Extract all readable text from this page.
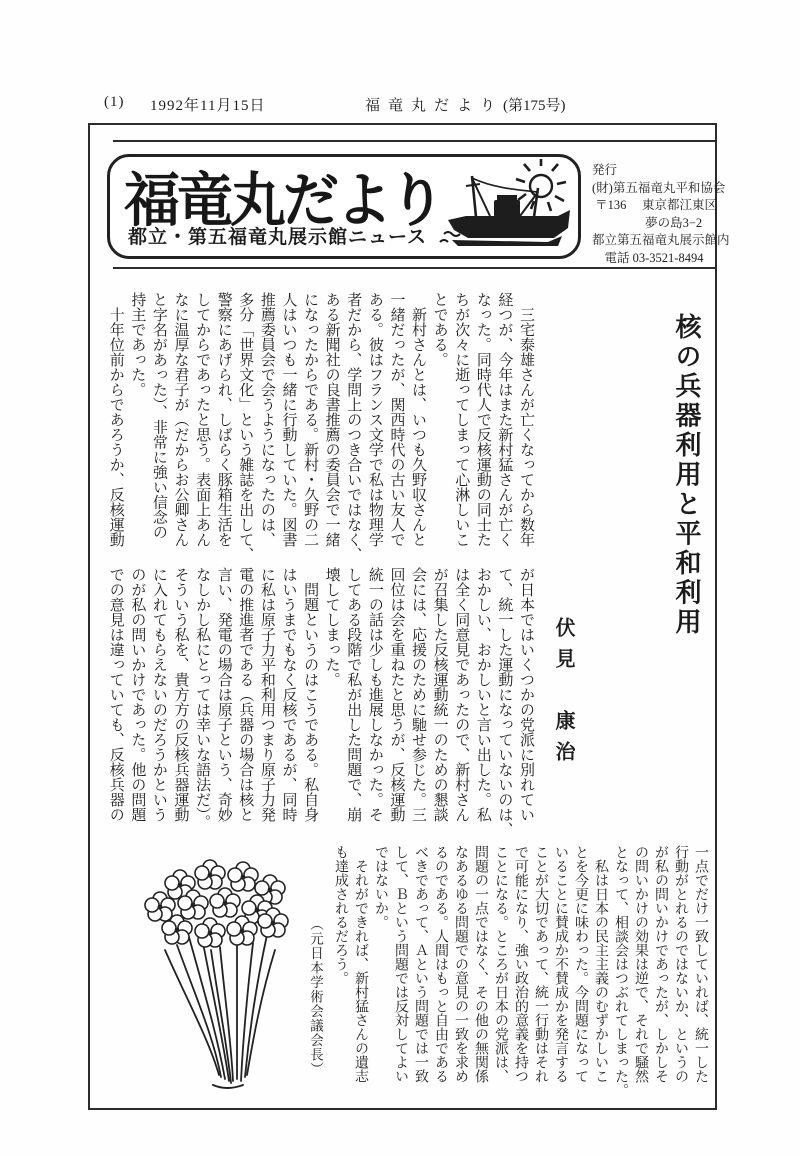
(1)	1992年11月15日	福竜丸だより (第175号)
福竜丸だより
都立・第五福竜丸展示館ニュース
発行
(財)第五福竜丸平和協会
〒136　 東京都江東区
　　　　 夢の島3−2
都立第五福竜丸展示館内
　電話 03-3521-8494
核の兵器利用と平和利用
伏見　康治
　三宅泰雄さんが亡くなってから数年
経つが、今年はまた新村猛さんが亡く
なった。同時代人で反核運動の同士た
ちが次々に逝ってしまって心淋しいこ
とである。
　新村さんとは、いつも久野収さんと
一緒だったが、関西時代の古い友人で
ある。彼はフランス文学で私は物理学
者だから、学問上のつき合いではなく、
ある新聞社の良書推薦の委員会で一緒
になったからである。新村・久野の二
人はいつも一緒に行動していた。図書
推薦委員会で会うようになったのは、
多分「世界文化」という雑誌を出して、
警察にあげられ、しばらく豚箱生活を
してからであったと思う。表面上あん
なに温厚な君子が（だからお公卿さん
と字名があった）、非常に強い信念の
持主であった。
　十年位前からであろうか、反核運動
が日本ではいくつかの党派に別れてい
て、統一した運動になっていないのは、
おかしい、おかしいと言い出した。私
は全く同意見であったので、新村さん
が召集した反核運動統一のための懇談
会には、応援のために馳せ参じた。三
回位は会を重ねたと思うが、反核運動
統一の話は少しも進展しなかった。そ
してある段階で私が出した問題で、崩
壊してしまった。
　問題というのはこうである。私自身
はいうまでもなく反核であるが、同時
に私は原子力平和利用つまり原子力発
電の推進者である（兵器の場合は核と
言い、発電の場合は原子という、奇妙
なしかし私にとっては幸いな語法だ）。
そういう私を、貴方方の反核兵器運動
に入れてもらえないのだろうかという
のが私の問いかけであった。他の問題
での意見は違っていても、反核兵器の
一点でだけ一致していれば、統一した
行動がとれるのではないか、というの
が私の問いかけであったが、しかしそ
の問いかけの効果は逆で、それで騒然
となって、相談会はつぶれてしまった。
　私は日本の民主主義のむずかしいこ
とを今更に味わった。今問題になって
いることに賛成か不賛成かを発言する
ことが大切であって、統一行動はそれ
で可能になり、強い政治的意義を持つ
ことになる。ところが日本の党派は、
問題の一点ではなく、その他の無関係
なあるゆる問題での意見の一致を求め
るのである。人間はもっと自由である
べきであって、Ａという問題では一致
して、Ｂという問題では反対してよい
ではないか。
　それができれば、新村猛さんの遺志
も達成されるだろう。
（元日本学術会議会長）
